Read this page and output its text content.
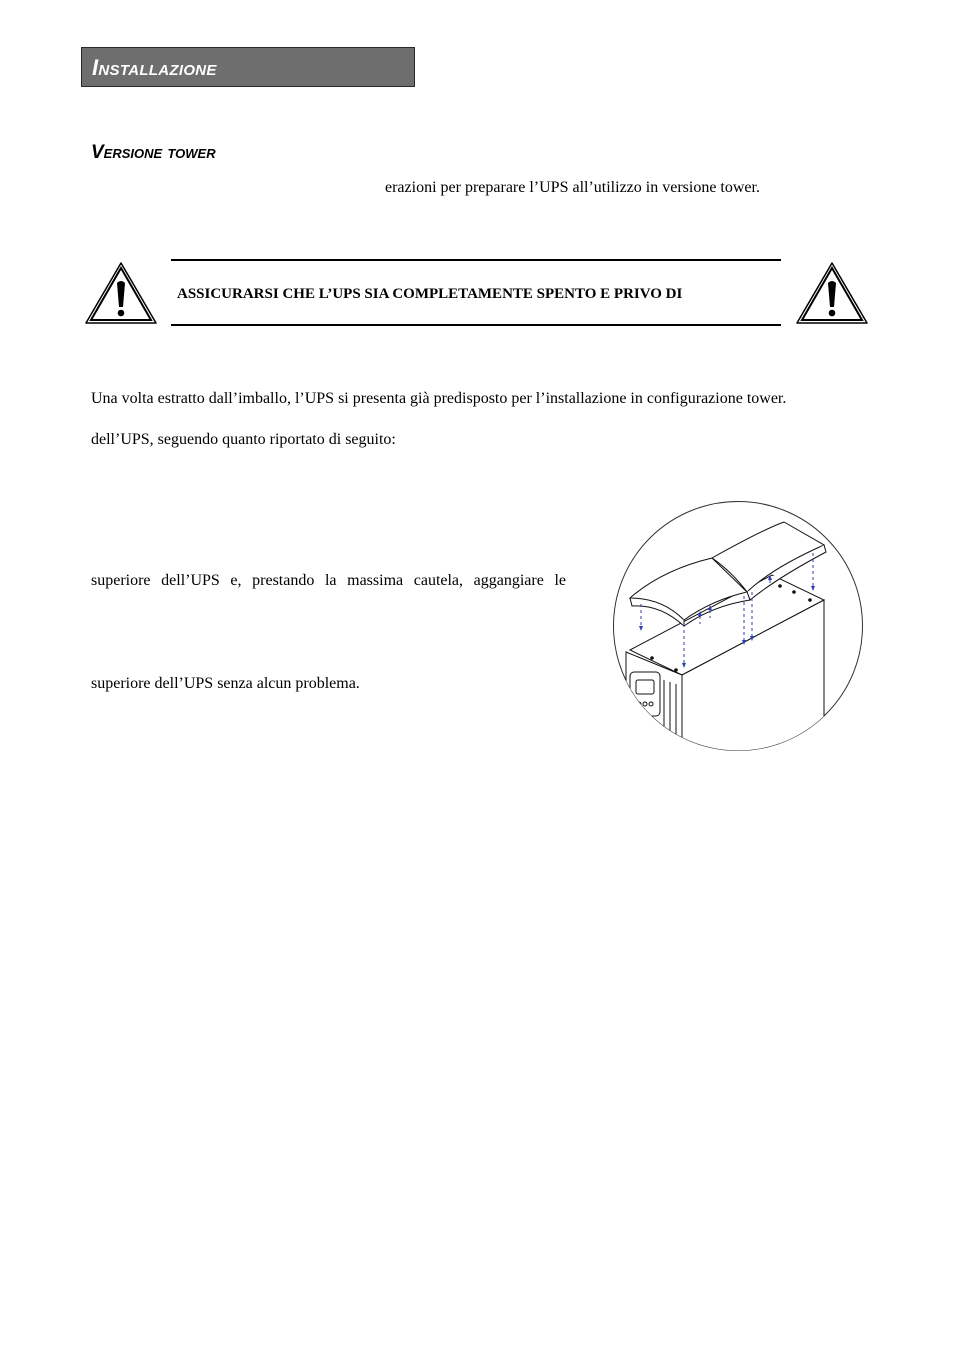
Installazione
Versione tower
erazioni per preparare l’UPS all’utilizzo in versione tower.
ASSICURARSI CHE L’UPS SIA COMPLETAMENTE SPENTO E PRIVO DI
Una volta estratto dall’imballo, l’UPS si presenta già predisposto per l’installazione in configurazione tower.
dell’UPS, seguendo quanto riportato di seguito:
superiore dell’UPS e, prestando la massima cautela, aggangiare le
superiore dell’UPS senza alcun problema.
